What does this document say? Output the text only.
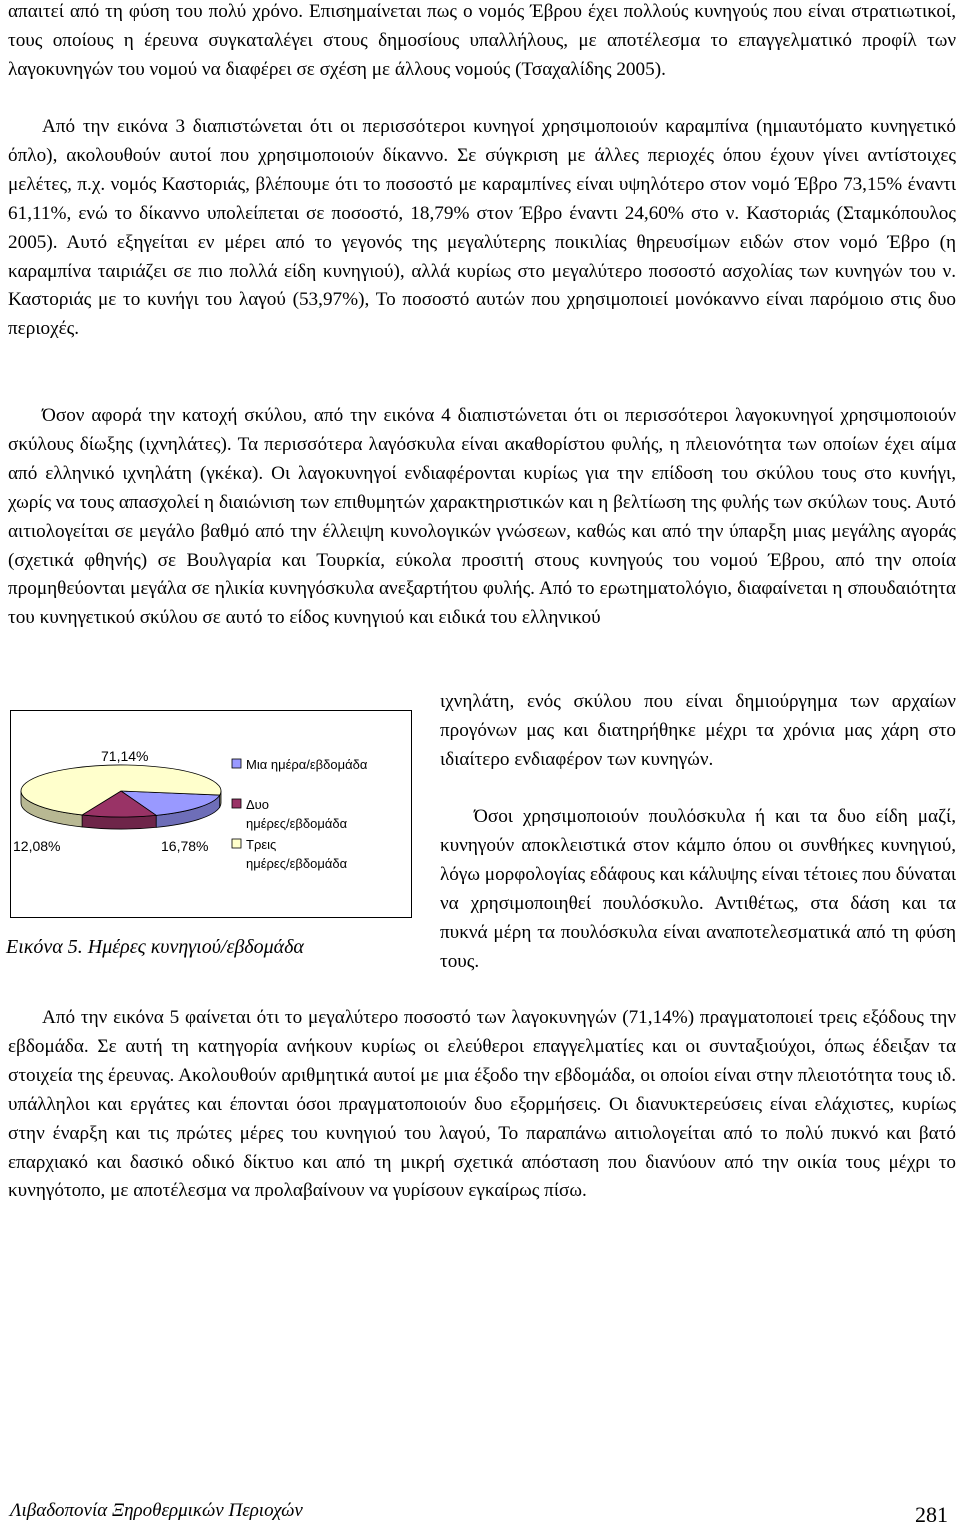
απαιτεί από τη φύση του πολύ χρόνο. Επισημαίνεται πως ο νομός Έβρου έχει πολλούς κυνηγούς που είναι στρατιωτικοί, τους οποίους η έρευνα συγκαταλέγει στους δημοσίους υπαλλήλους, με αποτέλεσμα το επαγγελματικό προφίλ των λαγοκυνηγών του νομού να διαφέρει σε σχέση με άλλους νομούς (Τσαχαλίδης 2005).

Από την εικόνα 3 διαπιστώνεται ότι οι περισσότεροι κυνηγοί χρησιμοποιούν καραμπίνα (ημιαυτόματο κυνηγετικό όπλο), ακολουθούν αυτοί που χρησιμοποιούν δίκαννο. Σε σύγκριση με άλλες περιοχές όπου έχουν γίνει αντίστοιχες μελέτες, π.χ. νομός Καστοριάς, βλέπουμε ότι το ποσοστό με καραμπίνες είναι υψηλότερο στον νομό Έβρο 73,15% έναντι 61,11%, ενώ το δίκαννο υπολείπεται σε ποσοστό, 18,79% στον Έβρο έναντι 24,60% στο ν. Καστοριάς (Σταμκόπουλος 2005). Αυτό εξηγείται εν μέρει από το γεγονός της μεγαλύτερης ποικιλίας θηρευσίμων ειδών στον νομό Έβρο (η καραμπίνα ταιριάζει σε πιο πολλά είδη κυνηγιού), αλλά κυρίως στο μεγαλύτερο ποσοστό ασχολίας των κυνηγών του ν. Καστοριάς με το κυνήγι του λαγού (53,97%), Το ποσοστό αυτών που χρησιμοποιεί μονόκαννο είναι παρόμοιο στις δυο περιοχές.

Όσον αφορά την κατοχή σκύλου, από την εικόνα 4 διαπιστώνεται ότι οι περισσότεροι λαγοκυνηγοί χρησιμοποιούν σκύλους δίωξης (ιχνηλάτες). Τα περισσότερα λαγόσκυλα είναι ακαθορίστου φυλής, η πλειονότητα των οποίων έχει αίμα από ελληνικό ιχνηλάτη (γκέκα). Οι λαγοκυνηγοί ενδιαφέρονται κυρίως για την επίδοση του σκύλου τους στο κυνήγι, χωρίς να τους απασχολεί η διαιώνιση των επιθυμητών χαρακτηριστικών και η βελτίωση της φυλής των σκύλων τους. Αυτό αιτιολογείται σε μεγάλο βαθμό από την έλλειψη κυνολογικών γνώσεων, καθώς και από την ύπαρξη μιας μεγάλης αγοράς (σχετικά φθηνής) σε Βουλγαρία και Τουρκία, εύκολα προσιτή στους κυνηγούς του νομού Έβρου, από την οποία προμηθεύονται μεγάλα σε ηλικία κυνηγόσκυλα ανεξαρτήτου φυλής. Από το ερωτηματολόγιο, διαφαίνεται η σπουδαιότητα του κυνηγετικού σκύλου σε αυτό το είδος κυνηγιού και ειδικά του ελληνικού

16,78%
12,08%
71,14%
Μια ημέρα/εβδομάδα
Δυο
ημέρες/εβδομάδα
Τρεις
ημέρες/εβδομάδα

ιχνηλάτη, ενός σκύλου που είναι δημιούργημα των αρχαίων προγόνων μας και διατηρήθηκε μέχρι τα χρόνια μας χάρη στο ιδιαίτερο ενδιαφέρον των κυνηγών.

Όσοι χρησιμοποιούν πουλόσκυλα ή και τα δυο είδη μαζί, κυνηγούν αποκλειστικά στον κάμπο όπου οι συνθήκες κυνηγιού, λόγω μορφολογίας εδάφους και κάλυψης είναι τέτοιες που δύναται να χρησιμοποιηθεί πουλόσκυλο. Αντιθέτως, στα δάση και τα πυκνά μέρη τα πουλόσκυλα είναι αναποτελεσματικά από τη φύση τους.

Εικόνα 5. Ημέρες κυνηγιού/εβδομάδα

Από την εικόνα 5 φαίνεται ότι το μεγαλύτερο ποσοστό των λαγοκυνηγών (71,14%) πραγματοποιεί τρεις εξόδους την εβδομάδα. Σε αυτή τη κατηγορία ανήκουν κυρίως οι ελεύθεροι επαγγελματίες και οι συνταξιούχοι, όπως έδειξαν τα στοιχεία της έρευνας. Ακολουθούν αριθμητικά αυτοί με μια έξοδο την εβδομάδα, οι οποίοι είναι στην πλειοτότητα τους ιδ. υπάλληλοι και εργάτες και έπονται όσοι πραγματοποιούν δυο εξορμήσεις. Οι διανυκτερεύσεις είναι ελάχιστες, κυρίως στην έναρξη και τις πρώτες μέρες του κυνηγιού του λαγού, Το παραπάνω αιτιολογείται από το πολύ πυκνό και βατό επαρχιακό και δασικό οδικό δίκτυο και από τη μικρή σχετικά απόσταση που διανύουν από την οικία τους μέχρι το κυνηγότοπο, με αποτέλεσμα να προλαβαίνουν να γυρίσουν εγκαίρως πίσω.

Λιβαδοπονία Ξηροθερμικών Περιοχών	281
